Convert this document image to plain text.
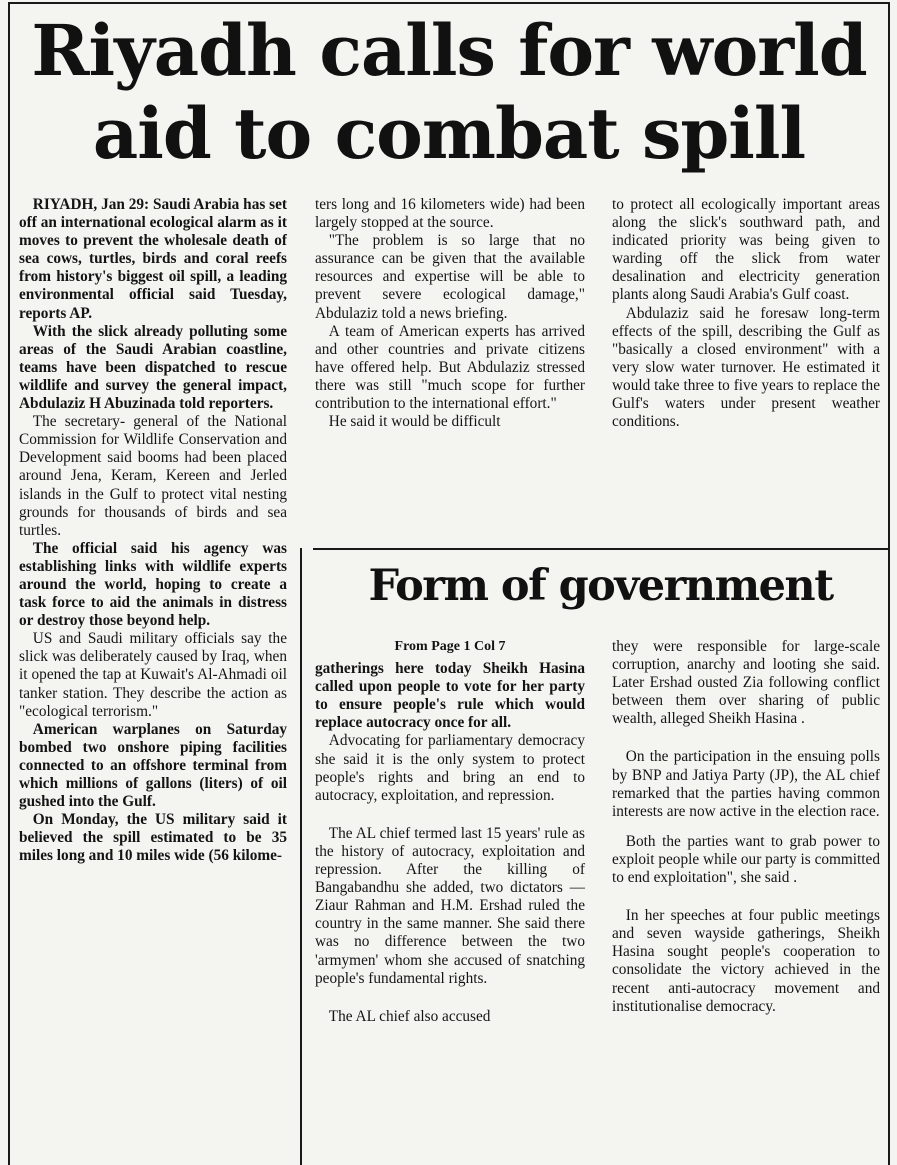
Riyadh calls for world
aid to combat spill

RIYADH, Jan 29: Saudi Arabia has set off an international ecological alarm as it moves to prevent the wholesale death of sea cows, turtles, birds and coral reefs from history's biggest oil spill, a leading environmental official said Tuesday, reports AP.

With the slick already polluting some areas of the Saudi Arabian coastline, teams have been dispatched to rescue wildlife and survey the general impact, Abdulaziz H Abuzinada told reporters.

The secretary- general of the National Commission for Wildlife Conservation and Development said booms had been placed around Jena, Keram, Kereen and Jerled islands in the Gulf to protect vital nesting grounds for thousands of birds and sea turtles.

The official said his agency was establishing links with wildlife experts around the world, hoping to create a task force to aid the animals in distress or destroy those beyond help.

US and Saudi military officials say the slick was deliberately caused by Iraq, when it opened the tap at Kuwait's Al-Ahmadi oil tanker station. They describe the action as "ecological terrorism."

American warplanes on Saturday bombed two onshore piping facilities connected to an offshore terminal from which millions of gallons (liters) of oil gushed into the Gulf.

On Monday, the US military said it believed the spill estimated to be 35 miles long and 10 miles wide (56 kilome-

ters long and 16 kilometers wide) had been largely stopped at the source.

"The problem is so large that no assurance can be given that the available resources and expertise will be able to prevent severe ecological damage," Abdulaziz told a news briefing.

A team of American experts has arrived and other countries and private citizens have offered help. But Abdulaziz stressed there was still "much scope for further contribution to the international effort."

He said it would be difficult

to protect all ecologically important areas along the slick's southward path, and indicated priority was being given to warding off the slick from water desalination and electricity generation plants along Saudi Arabia's Gulf coast.

Abdulaziz said he foresaw long-term effects of the spill, describing the Gulf as "basically a closed environment" with a very slow water turnover. He estimated it would take three to five years to replace the Gulf's waters under present weather conditions.

Form of government

From Page 1 Col 7

gatherings here today Sheikh Hasina called upon people to vote for her party to ensure people's rule which would replace autocracy once for all.

Advocating for parliamentary democracy she said it is the only system to protect people's rights and bring an end to autocracy, exploitation, and repression.

The AL chief termed last 15 years' rule as the history of autocracy, exploitation and repression. After the killing of Bangabandhu she added, two dictators — Ziaur Rahman and H.M. Ershad ruled the country in the same manner. She said there was no difference between the two 'armymen' whom she accused of snatching people's fundamental rights.

The AL chief also accused

they were responsible for large-scale corruption, anarchy and looting she said. Later Ershad ousted Zia following conflict between them over sharing of public wealth, alleged Sheikh Hasina .

On the participation in the ensuing polls by BNP and Jatiya Party (JP), the AL chief remarked that the parties having common interests are now active in the election race.

Both the parties want to grab power to exploit people while our party is committed to end exploitation", she said .

In her speeches at four public meetings and seven wayside gatherings, Sheikh Hasina sought people's cooperation to consolidate the victory achieved in the recent anti-autocracy movement and institutionalise democracy.
